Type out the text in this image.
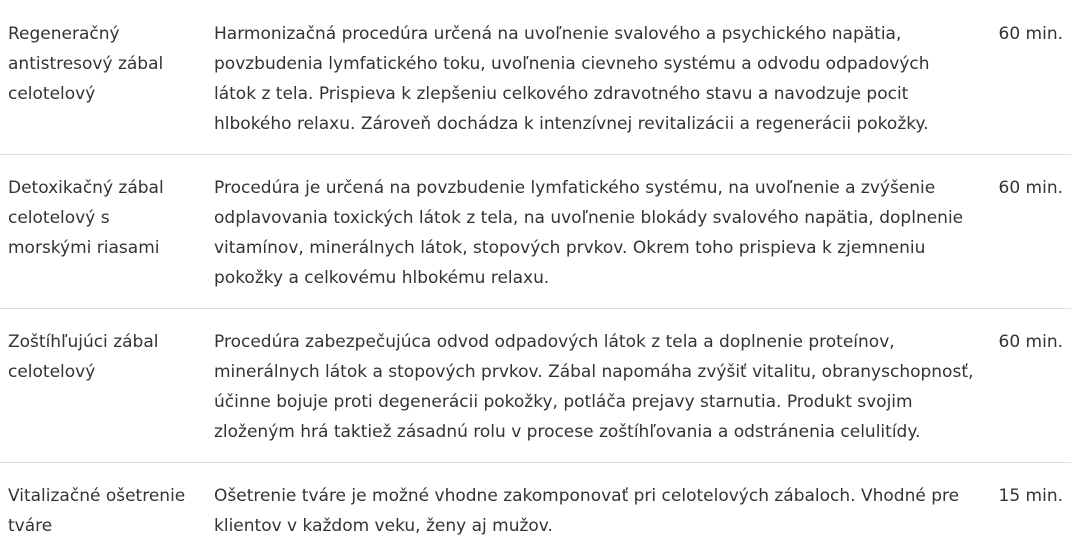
Regeneračný antistresový zábal celotelový	Harmonizačná procedúra určená na uvoľnenie svalového a psychického napätia, povzbudenia lymfatického toku, uvoľnenia cievneho systému a odvodu odpadových látok z tela. Prispieva k zlepšeniu celkového zdravotného stavu a navodzuje pocit hlbokého relaxu. Zároveň dochádza k intenzívnej revitalizácii a regenerácii pokožky.	60 min.
Detoxikačný zábal celotelový s morskými riasami	Procedúra je určená na povzbudenie lymfatického systému, na uvoľnenie a zvýšenie odplavovania toxických látok z tela, na uvoľnenie blokády svalového napätia, doplnenie vitamínov, minerálnych látok, stopových prvkov. Okrem toho prispieva k zjemneniu pokožky a celkovému hlbokému relaxu.	60 min.
Zoštíhľujúci zábal celotelový	Procedúra zabezpečujúca odvod odpadových látok z tela a doplnenie proteínov, minerálnych látok a stopových prvkov. Zábal napomáha zvýšiť vitalitu, obranyschopnosť, účinne bojuje proti degenerácii pokožky, potláča prejavy starnutia. Produkt svojim zloženým hrá taktiež zásadnú rolu v procese zoštíhľovania a odstránenia celulitídy.	60 min.
Vitalizačné ošetrenie tváre	Ošetrenie tváre je možné vhodne zakomponovať pri celotelových zábaloch. Vhodné pre klientov v každom veku, ženy aj mužov.	15 min.
